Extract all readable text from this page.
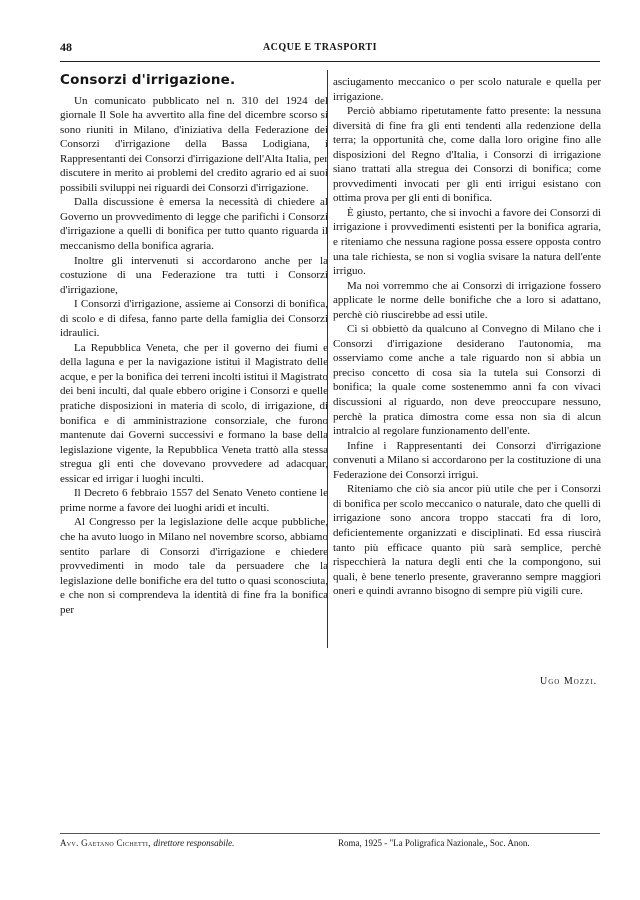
48	ACQUE E TRASPORTI
Consorzi d'irrigazione.

Un comunicato pubblicato nel n. 310 del 1924 del giornale Il Sole ha avvertito alla fine del dicembre scorso si sono riuniti in Milano, d'iniziativa della Federazione dei Consorzi d'irrigazione della Bassa Lodigiana, i Rappresentanti dei Consorzi d'irrigazione dell'Alta Italia, per discutere in merito ai problemi del credito agrario ed ai suoi possibili sviluppi nei riguardi dei Consorzi d'irrigazione.

Dalla discussione è emersa la necessità di chiedere al Governo un provvedimento di legge che parifichi i Consorzi d'irrigazione a quelli di bonifica per tutto quanto riguarda il meccanismo della bonifica agraria.

Inoltre gli intervenuti si accordarono anche per la costuzione di una Federazione tra tutti i Consorzi d'irrigazione,

I Consorzi d'irrigazione, assieme ai Consorzi di bonifica, di scolo e di difesa, fanno parte della famiglia dei Consorzi idraulici.

La Repubblica Veneta, che per il governo dei fiumi e della laguna e per la navigazione istituì il Magistrato delle acque, e per la bonifica dei terreni incolti istituì il Magistrato dei beni inculti, dal quale ebbero origine i Consorzi e quelle pratiche disposizioni in materia di scolo, di irrigazione, di bonifica e di amministrazione consorziale, che furono mantenute dai Governi successivi e formano la base della legislazione vigente, la Repubblica Veneta trattò alla stessa stregua gli enti che dovevano provvedere ad adacquar, essicar ed irrigar i luoghi inculti.

Il Decreto 6 febbraio 1557 del Senato Veneto contiene le prime norme a favore dei luoghi aridi et inculti.

Al Congresso per la legislazione delle acque pubbliche, che ha avuto luogo in Milano nel novembre scorso, abbiamo sentito parlare di Consorzi d'irrigazione e chiedere provvedimenti in modo tale da persuadere che la legislazione delle bonifiche era del tutto o quasi sconosciuta, e che non si comprendeva la identità di fine fra la bonifica per

asciugamento meccanico o per scolo naturale e quella per irrigazione.

Perciò abbiamo ripetutamente fatto presente: la nessuna diversità di fine fra gli enti tendenti alla redenzione della terra; la opportunità che, come dalla loro origine fino alle disposizioni del Regno d'Italia, i Consorzi di irrigazione siano trattati alla stregua dei Consorzi di bonifica; come provvedimenti invocati per gli enti irrigui esistano con ottima prova per gli enti di bonifica.

È giusto, pertanto, che si invochi a favore dei Consorzi di irrigazione i provvedimenti esistenti per la bonifica agraria, e riteniamo che nessuna ragione possa essere opposta contro una tale richiesta, se non si voglia svisare la natura dell'ente irriguo.

Ma noi vorremmo che ai Consorzi di irrigazione fossero applicate le norme delle bonifiche che a loro si adattano, perchè ciò riuscirebbe ad essi utile.

Ci si obbiettò da qualcuno al Convegno di Milano che i Consorzi d'irrigazione desiderano l'autonomia, ma osserviamo come anche a tale riguardo non si abbia un preciso concetto di cosa sia la tutela sui Consorzi di bonifica; la quale come sostenemmo anni fa con vivaci discussioni al riguardo, non deve preoccupare nessuno, perchè la pratica dimostra come essa non sia di alcun intralcio al regolare funzionamento dell'ente.

Infine i Rappresentanti dei Consorzi d'irrigazione convenuti a Milano si accordarono per la costituzione di una Federazione dei Consorzi irrigui.

Riteniamo che ciò sia ancor più utile che per i Consorzi di bonifica per scolo meccanico o naturale, dato che quelli di irrigazione sono ancora troppo staccati fra di loro, deficientemente organizzati e disciplinati. Ed essa riuscirà tanto più efficace quanto più sarà semplice, perchè rispecchierà la natura degli enti che la compongono, sui quali, è bene tenerlo presente, graveranno sempre maggiori oneri e quindi avranno bisogno di sempre più vigili cure.

Ugo Mozzi.
Avv. Gaetano Cichetti, direttore responsabile.	Roma, 1925 - "La Poligrafica Nazionale,, Soc. Anon.
